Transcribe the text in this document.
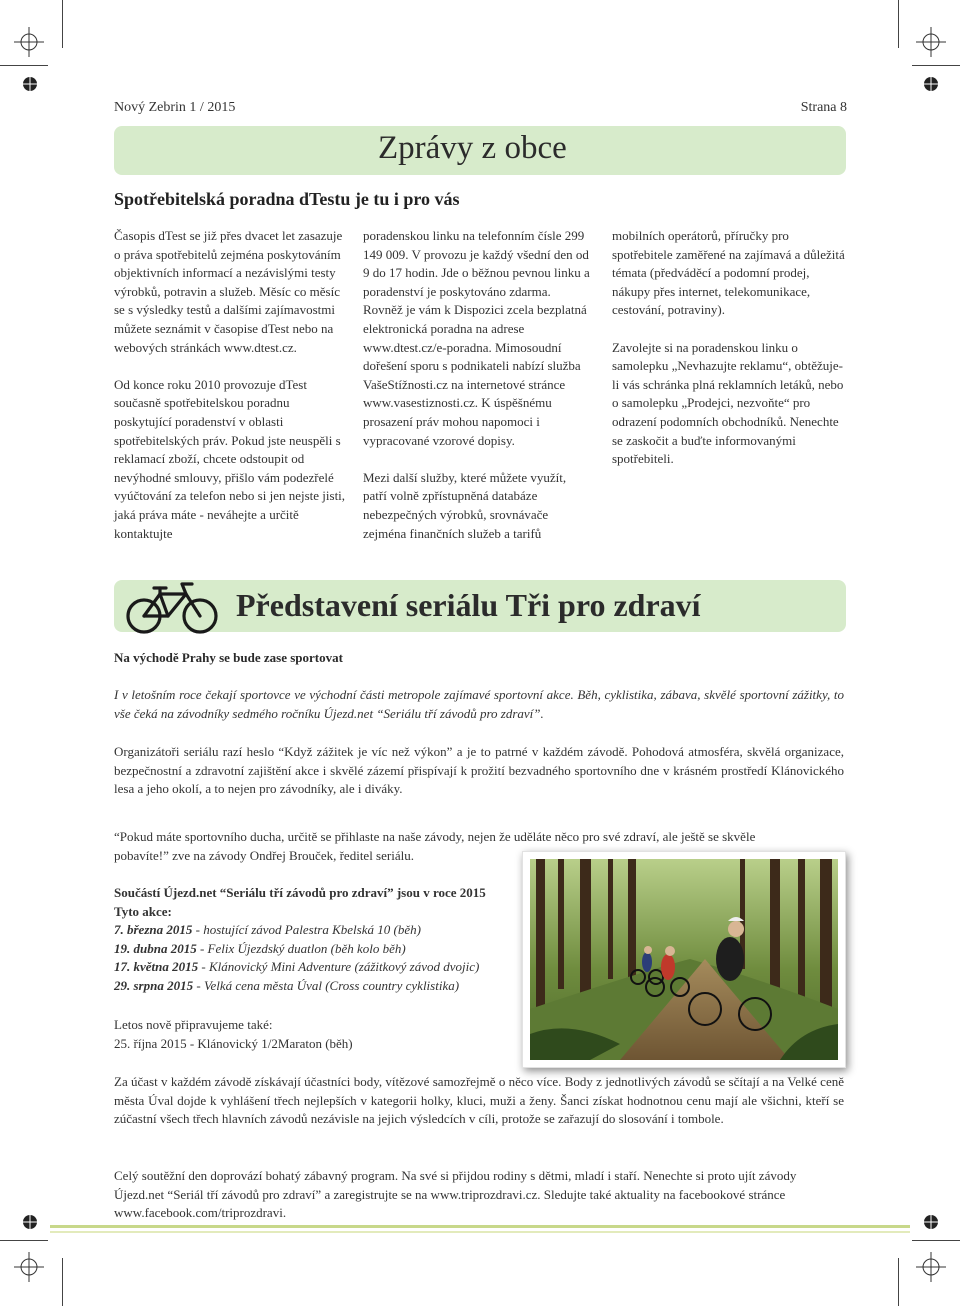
Nový Zebrin 1 / 2015	Strana 8
Zprávy z obce
Spotřebitelská poradna dTestu je tu i pro vás

Časopis dTest se již přes dvacet let zasazuje o práva spotřebitelů zejména poskytováním objektivních informací a nezávislými testy výrobků, potravin a služeb. Měsíc co měsíc se s výsledky testů a dalšími zajímavostmi můžete seznámit v časopise dTest nebo na webových stránkách www.dtest.cz.

Od konce roku 2010 provozuje dTest současně spotřebitelskou poradnu poskytující poradenství v oblasti spotřebitelských práv. Pokud jste neuspěli s reklamací zboží, chcete odstoupit od nevýhodné smlouvy, přišlo vám podezřelé vyúčtování za telefon nebo si jen nejste jisti, jaká práva máte - neváhejte a určitě kontaktujte

poradenskou linku na telefonním čísle 299 149 009. V provozu je každý všední den od 9 do 17 hodin. Jde o běžnou pevnou linku a poradenství je poskytováno zdarma. Rovněž je vám k Dispozici zcela bezplatná elektronická poradna na adrese www.dtest.cz/e-poradna. Mimosoudní dořešení sporu s podnikateli nabízí služba VašeStížnosti.cz na internetové stránce www.vasestiznosti.cz. K úspěšnému prosazení práv mohou napomoci i vypracované vzorové dopisy.

Mezi další služby, které můžete využít, patří volně zpřístupněná databáze nebezpečných výrobků, srovnávače zejména finančních služeb a tarifů

mobilních operátorů, příručky pro spotřebitele zaměřené na zajímavá a důležitá témata (předváděcí a podomní prodej, nákupy přes internet, telekomunikace, cestování, potraviny).

Zavolejte si na poradenskou linku o samolepku „Nevhazujte reklamu“, obtěžuje-li vás schránka plná reklamních letáků, nebo o samolepku „Prodejci, nezvoňte“ pro odrazení podomních obchodníků. Nenechte se zaskočit a buďte informovanými spotřebiteli.

Představení seriálu Tři pro zdraví
Na východě Prahy se bude zase sportovat
I v letošním roce čekají sportovce ve východní části metropole zajímavé sportovní akce. Běh, cyklistika, zábava, skvělé sportovní zážitky, to vše čeká na závodníky sedmého ročníku Újezd.net “Seriálu tří závodů pro zdraví”.
Organizátoři seriálu razí heslo “Když zážitek je víc než výkon” a je to patrné v každém závodě. Pohodová atmosféra, skvělá organizace, bezpečnostní a zdravotní zajištění akce i skvělé zázemí přispívají k prožití bezvadného sportovního dne v krásném prostředí Klánovického lesa a jeho okolí, a to nejen pro závodníky, ale i diváky.
“Pokud máte sportovního ducha, určitě se přihlaste na naše závody, nejen že uděláte něco pro své zdraví, ale ještě se skvěle pobavíte!” zve na závody Ondřej Brouček, ředitel seriálu.

Součástí Újezd.net “Seriálu tří závodů pro zdraví” jsou v roce 2015

Tyto akce:

7. března 2015 - hostující závod Palestra Kbelská 10 (běh)

19. dubna 2015 - Felix Újezdský duatlon (běh kolo běh)

17. května 2015 - Klánovický Mini Adventure (zážitkový závod dvojic)

29. srpna 2015 - Velká cena města Úval (Cross country cyklistika)

Letos nově připravujeme také:

25. října 2015 - Klánovický 1/2Maraton (běh)

Za účast v každém závodě získávají účastníci body, vítězové samozřejmě o něco více. Body z jednotlivých závodů se sčítají a na Velké ceně města Úval dojde k vyhlášení třech nejlepších v kategorii holky, kluci, muži a ženy. Šanci získat hodnotnou cenu mají ale všichni, kteří se zúčastní všech třech hlavních závodů nezávisle na jejich výsledcích v cíli, protože se zařazují do slosování i tombole.
Celý soutěžní den doprovází bohatý zábavný program. Na své si přijdou rodiny s dětmi, mladí i staří. Nenechte si proto ujít závody Újezd.net “Seriál tří závodů pro zdraví” a zaregistrujte se na www.triprozdravi.cz. Sledujte také aktuality na facebookové stránce www.facebook.com/triprozdravi.
